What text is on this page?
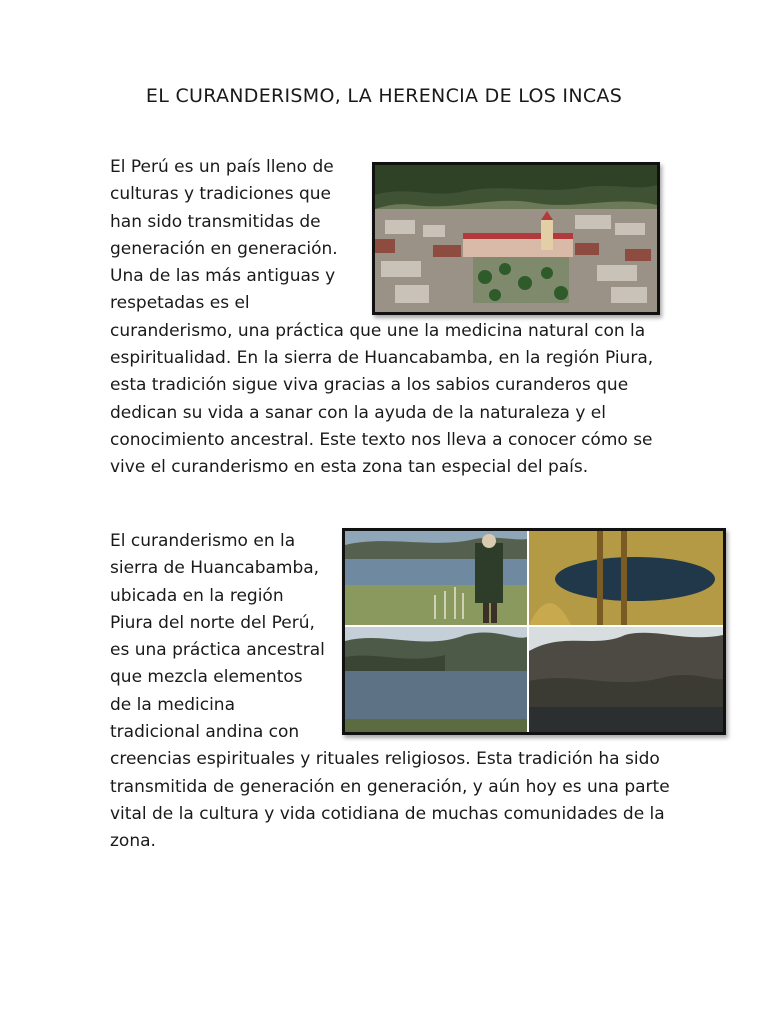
EL CURANDERISMO, LA HERENCIA DE LOS INCAS
El Perú es un país lleno de culturas y tradiciones que han sido transmitidas de generación en generación. Una de las más antiguas y respetadas es el curanderismo, una práctica que une la medicina natural con la espiritualidad. En la sierra de Huancabamba, en la región Piura, esta tradición sigue viva gracias a los sabios curanderos que dedican su vida a sanar con la ayuda de la naturaleza y el conocimiento ancestral. Este texto nos lleva a conocer cómo se vive el curanderismo en esta zona tan especial del país.
El curanderismo en la sierra de Huancabamba, ubicada en la región Piura del norte del Perú, es una práctica ancestral que mezcla elementos de la medicina tradicional andina con creencias espirituales y rituales religiosos. Esta tradición ha sido transmitida de generación en generación, y aún hoy es una parte vital de la cultura y vida cotidiana de muchas comunidades de la zona.
